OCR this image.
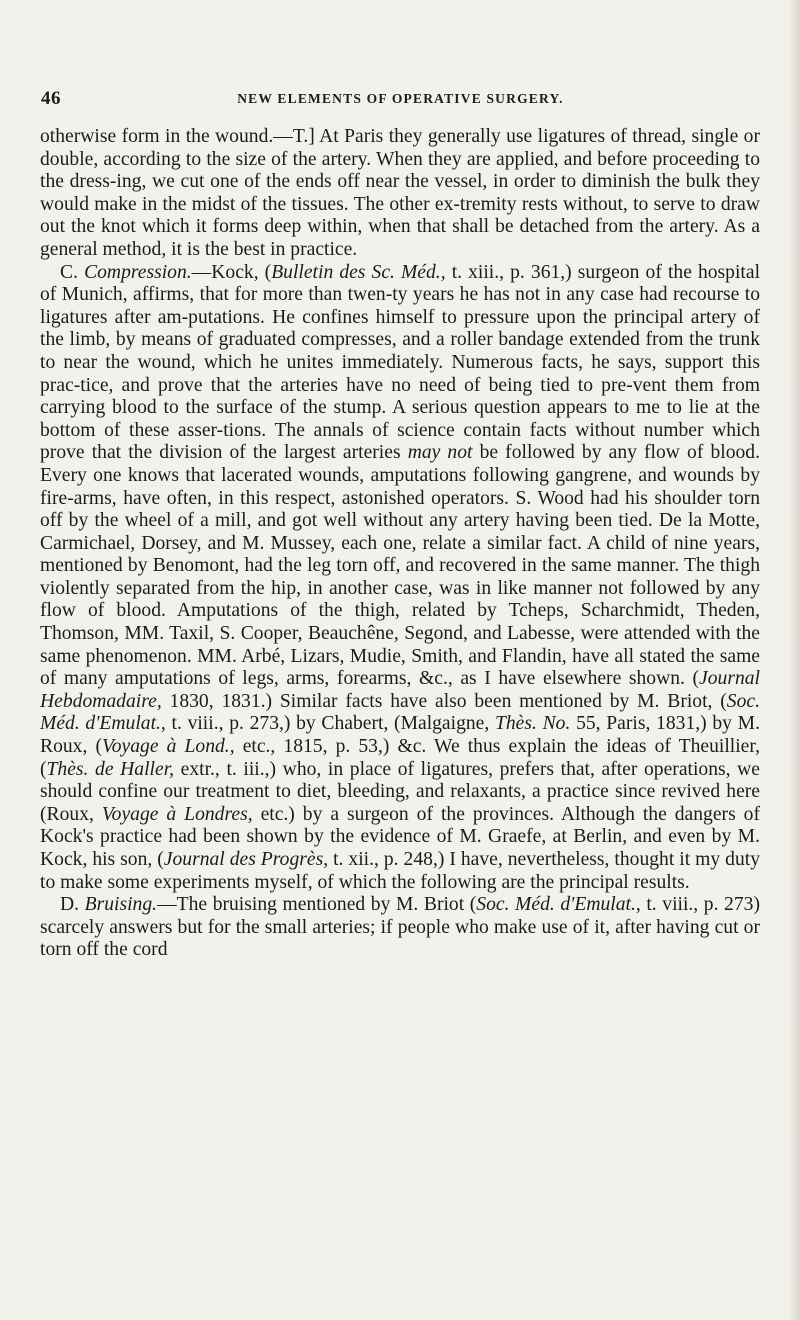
46	NEW ELEMENTS OF OPERATIVE SURGERY.

otherwise form in the wound.—T.] At Paris they generally use ligatures of thread, single or double, according to the size of the artery. When they are applied, and before proceeding to the dress-ing, we cut one of the ends off near the vessel, in order to diminish the bulk they would make in the midst of the tissues. The other ex-tremity rests without, to serve to draw out the knot which it forms deep within, when that shall be detached from the artery. As a general method, it is the best in practice.

C. Compression.—Kock, (Bulletin des Sc. Méd., t. xiii., p. 361,) surgeon of the hospital of Munich, affirms, that for more than twen-ty years he has not in any case had recourse to ligatures after am-putations. He confines himself to pressure upon the principal artery of the limb, by means of graduated compresses, and a roller bandage extended from the trunk to near the wound, which he unites immediately. Numerous facts, he says, support this prac-tice, and prove that the arteries have no need of being tied to pre-vent them from carrying blood to the surface of the stump. A serious question appears to me to lie at the bottom of these asser-tions. The annals of science contain facts without number which prove that the division of the largest arteries may not be followed by any flow of blood. Every one knows that lacerated wounds, amputations following gangrene, and wounds by fire-arms, have often, in this respect, astonished operators. S. Wood had his shoulder torn off by the wheel of a mill, and got well without any artery having been tied. De la Motte, Carmichael, Dorsey, and M. Mussey, each one, relate a similar fact. A child of nine years, mentioned by Benomont, had the leg torn off, and recovered in the same manner. The thigh violently separated from the hip, in another case, was in like manner not followed by any flow of blood. Amputations of the thigh, related by Tcheps, Scharchmidt, Theden, Thomson, MM. Taxil, S. Cooper, Beauchêne, Segond, and Labesse, were attended with the same phenomenon. MM. Arbé, Lizars, Mudie, Smith, and Flandin, have all stated the same of many amputations of legs, arms, forearms, &c., as I have elsewhere shown. (Journal Hebdomadaire, 1830, 1831.) Similar facts have also been mentioned by M. Briot, (Soc. Méd. d'Emulat., t. viii., p. 273,) by Chabert, (Malgaigne, Thès. No. 55, Paris, 1831,) by M. Roux, (Voyage à Lond., etc., 1815, p. 53,) &c. We thus explain the ideas of Theuillier, (Thès. de Haller, extr., t. iii.,) who, in place of ligatures, prefers that, after operations, we should confine our treatment to diet, bleeding, and relaxants, a practice since revived here (Roux, Voyage à Londres, etc.) by a surgeon of the provinces. Although the dangers of Kock's practice had been shown by the evidence of M. Graefe, at Berlin, and even by M. Kock, his son, (Journal des Progrès, t. xii., p. 248,) I have, nevertheless, thought it my duty to make some experiments myself, of which the following are the principal results.

D. Bruising.—The bruising mentioned by M. Briot (Soc. Méd. d'Emulat., t. viii., p. 273) scarcely answers but for the small arteries; if people who make use of it, after having cut or torn off the cord
